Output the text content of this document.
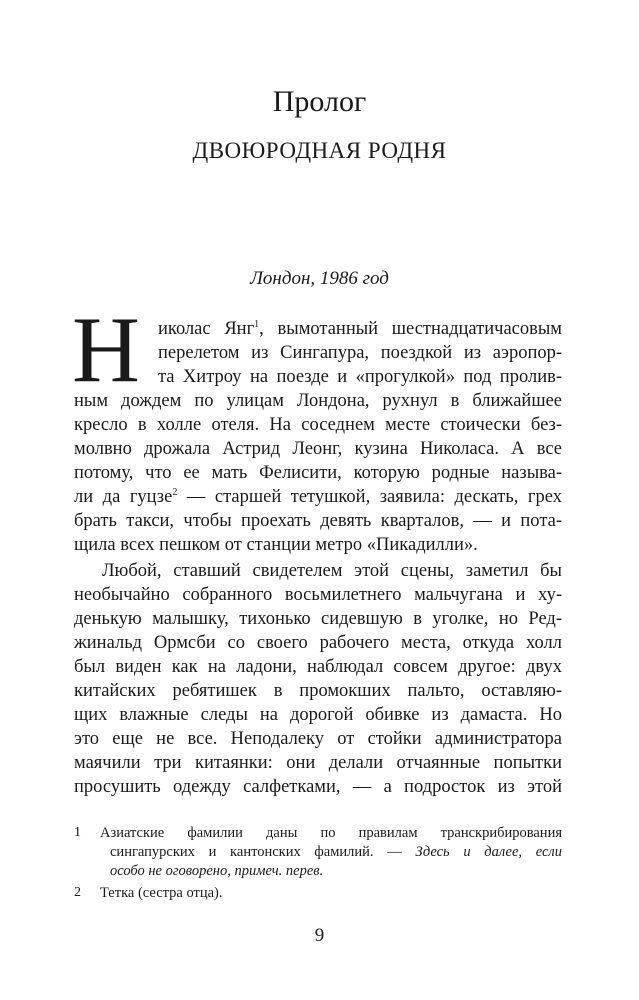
Пролог
ДВОЮРОДНАЯ РОДНЯ
Лондон, 1986 год
Н иколас Янг$^1$, вымотанный шестнадцатичасовым
перелетом из Сингапура, поездкой из аэропор-
та Хитроу на поезде и «прогулкой» под пролив-
ным дождем по улицам Лондона, рухнул в ближайшее
кресло в холле отеля. На соседнем месте стоически без-
молвно дрожала Астрид Леонг, кузина Николаса. А все
потому, что ее мать Фелисити, которую родные называ-
ли да гуцзе$^2$ — старшей тетушкой, заявила: дескать, грех
брать такси, чтобы проехать девять кварталов, — и пота-
щила всех пешком от станции метро «Пикадилли».
Любой, ставший свидетелем этой сцены, заметил бы
необычайно собранного восьмилетнего мальчугана и ху-
денькую малышку, тихонько сидевшую в уголке, но Ред-
жинальд Ормсби со своего рабочего места, откуда холл
был виден как на ладони, наблюдал совсем другое: двух
китайских ребятишек в промокших пальто, оставляю-
щих влажные следы на дорогой обивке из дамаста. Но
это еще не все. Неподалеку от стойки администратора
маячили три китаянки: они делали отчаянные попытки
просушить одежду салфетками, — а подросток из этой
1 Азиатские фамилии даны по правилам транскрибирования
сингапурских и кантонских фамилий. — Здесь и далее, если
особо не оговорено, примеч. перев.
2 Тетка (сестра отца).
9
